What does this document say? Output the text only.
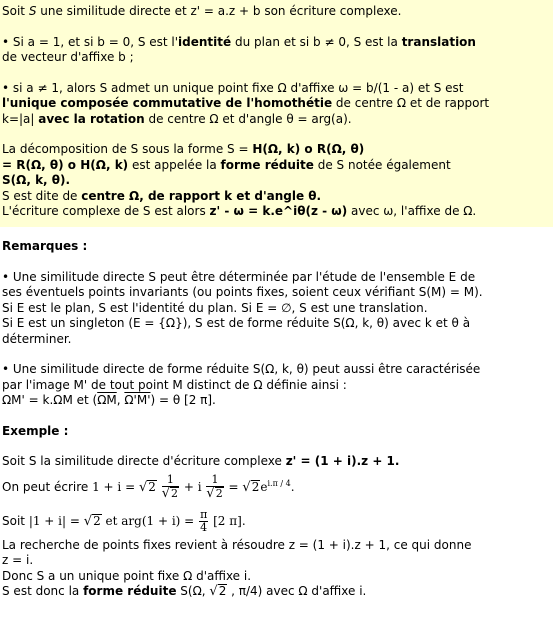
Soit S une similitude directe et z' = a.z + b son écriture complexe.

• Si a = 1, et si b = 0, S est l'identité du plan et si b ≠ 0, S est la translation

de vecteur d'affixe b ;

• si a ≠ 1, alors S admet un unique point fixe Ω d'affixe ω = b/(1 - a) et S est

l'unique composée commutative de l'homothétie de centre Ω et de rapport

k=|a| avec la rotation de centre Ω et d'angle θ = arg(a).

La décomposition de S sous la forme S = H(Ω, k) o R(Ω, θ)

= R(Ω, θ) o H(Ω, k) est appelée la forme réduite de S notée également

S(Ω, k, θ).

S est dite de centre Ω, de rapport k et d'angle θ.

L'écriture complexe de S est alors z' - ω = k.e^iθ(z - ω) avec ω, l'affixe de Ω.

Remarques :

• Une similitude directe S peut être déterminée par l'étude de l'ensemble E de

ses éventuels points invariants (ou points fixes, soient ceux vérifiant S(M) = M).

Si E est le plan, S est l'identité du plan. Si E = ∅, S est une translation.

Si E est un singleton (E = {Ω}), S est de forme réduite S(Ω, k, θ) avec k et θ à

déterminer.

• Une similitude directe de forme réduite S(Ω, k, θ) peut aussi être caractérisée

par l'image M' de tout point M distinct de Ω définie ainsi :

ΩM' = k.ΩM et ($\overline{\Omega M}$, Ω'M') = θ [2 π].

Exemple :

Soit S la similitude directe d'écriture complexe z' = (1 + i).z + 1.

On peut écrire $1 + i = √2 \frac{1}{√2} + i \frac{1}{√2} = √2e^{i.\pi / 4}$.

Soit |1 + i| = √2 et $arg(1 + i) = \frac{\pi}{4} [2$ π].

La recherche de points fixes revient à résoudre z = (1 + i).z + 1, ce qui donne

z = i.

Donc S a un unique point fixe Ω d'affixe i.

S est donc la forme réduite S(Ω, √2 , π/4) avec Ω d'affixe i.
